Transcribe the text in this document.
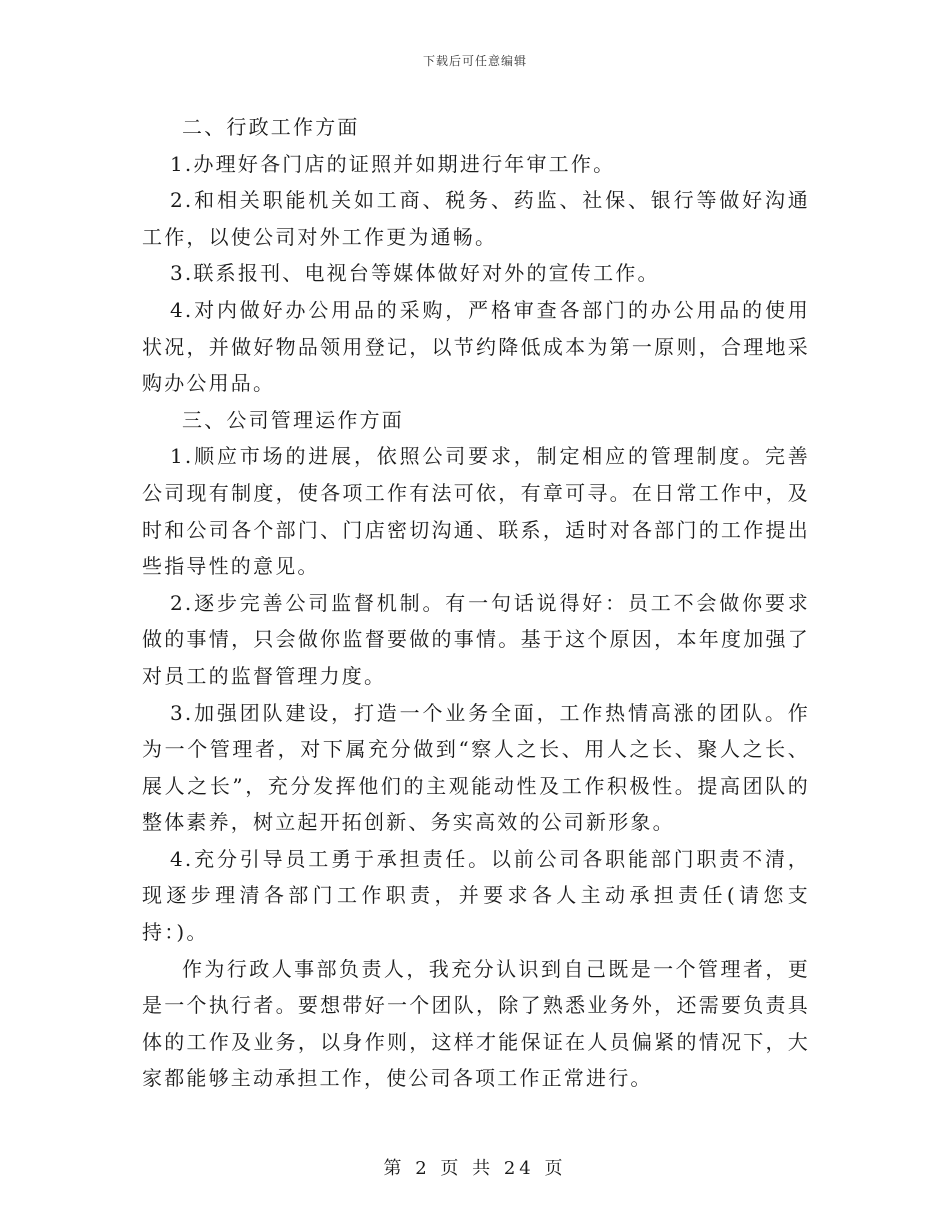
下载后可任意编辑

二、行政工作方面

1.办理好各门店的证照并如期进行年审工作。

2.和相关职能机关如工商、税务、药监、社保、银行等做好沟通工作，以使公司对外工作更为通畅。

3.联系报刊、电视台等媒体做好对外的宣传工作。

4.对内做好办公用品的采购，严格审查各部门的办公用品的使用状况，并做好物品领用登记，以节约降低成本为第一原则，合理地采购办公用品。

三、公司管理运作方面

1.顺应市场的进展，依照公司要求，制定相应的管理制度。完善公司现有制度，使各项工作有法可依，有章可寻。在日常工作中，及时和公司各个部门、门店密切沟通、联系，适时对各部门的工作提出些指导性的意见。

2.逐步完善公司监督机制。有一句话说得好：员工不会做你要求做的事情，只会做你监督要做的事情。基于这个原因，本年度加强了对员工的监督管理力度。

3.加强团队建设，打造一个业务全面，工作热情高涨的团队。作为一个管理者，对下属充分做到“察人之长、用人之长、聚人之长、展人之长”，充分发挥他们的主观能动性及工作积极性。提高团队的整体素养，树立起开拓创新、务实高效的公司新形象。

4.充分引导员工勇于承担责任。以前公司各职能部门职责不清，现逐步理清各部门工作职责，并要求各人主动承担责任(请您支持：)。

作为行政人事部负责人，我充分认识到自己既是一个管理者，更是一个执行者。要想带好一个团队，除了熟悉业务外，还需要负责具体的工作及业务，以身作则，这样才能保证在人员偏紧的情况下，大家都能够主动承担工作，使公司各项工作正常进行。

第 2 页 共 24 页
